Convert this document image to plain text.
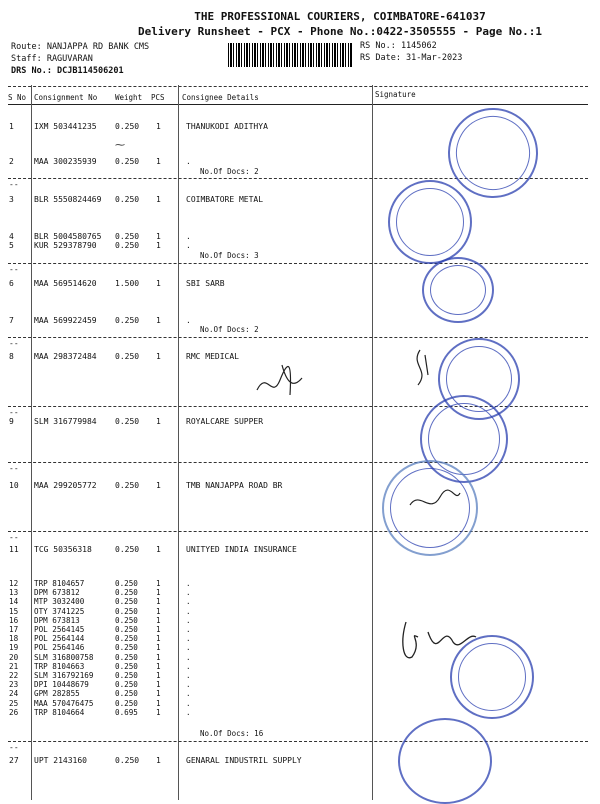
THE PROFESSIONAL COURIERS, COIMBATORE-641037
Delivery Runsheet - PCX - Phone No.:0422-3505555 - Page No.:1
Route: NANJAPPA RD BANK CMS
Staff: RAGUVARAN
DRS No.: DCJB114506201
RS No.: 1145062
RS Date: 31-Mar-2023
S No Consignment No Weight PCS Consignee Details	Signature
1	IXM 503441235 0.250 1	THANUKODI ADITHYA
2	MAA 300235939 0.250 1	.
No.Of Docs: 2
--
3	BLR 5550824469 0.250 1	COIMBATORE METAL
4	BLR 5004580765 0.250 1	.
5	KUR 529378790 0.250 1	.
No.Of Docs: 3
--
6	MAA 569514620 1.500 1	SBI SARB
7	MAA 569922459 0.250 1	.
No.Of Docs: 2
--
8	MAA 298372484 0.250 1	RMC MEDICAL
--
9	SLM 316779984 0.250 1	ROYALCARE SUPPER
--
10 MAA 299205772 0.250 1	TMB NANJAPPA ROAD BR
--
11 TCG 50356318	0.250 1	UNITYED INDIA INSURANCE
12 TRP 8104657	0.250 1	.
13 DPM 673812	0.250 1	.
14 MTP 3032400	0.250 1	.
15 OTY 3741225	0.250 1	.
16 DPM 673813	0.250 1	.
17 POL 2564145	0.250 1	.
18 POL 2564144	0.250 1	.
19 POL 2564146	0.250 1	.
20 SLM 316800758	0.250 1	.
21 TRP 8104663	0.250 1	.
22 SLM 316792169	0.250 1	.
23 DPI 10448679	0.250 1	.
24 GPM 282855	0.250 1	.
25 MAA 570476475	0.250 1	.
26 TRP 8104664	0.695 1	.
No.Of Docs: 16
--
27 UPT 2143160	0.250 1	GENARAL INDUSTRIL SUPPLY
⁓
